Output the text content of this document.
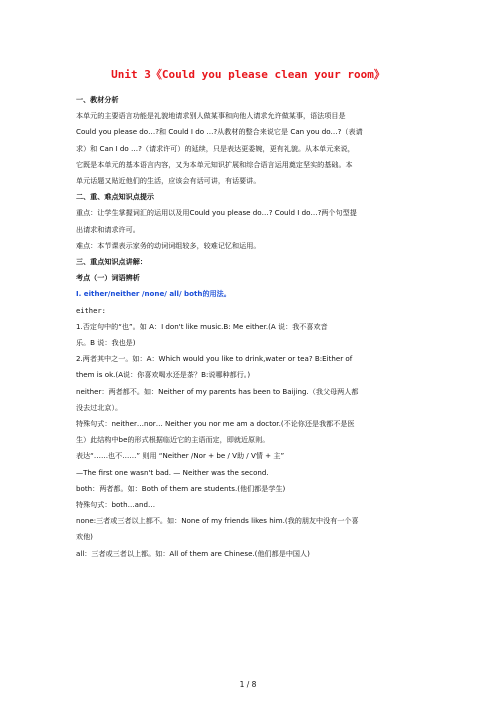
Unit 3《Could you please clean your room》

一、教材分析

本单元的主要语言功能是礼貌地请求别人做某事和向他人请求允许做某事，语法项目是

Could you please do…?和 Could I do …?从教材的整合来说它是 Can you do…?（表请

求）和 Can I do …?（请求许可）的延续，只是表达更委婉，更有礼貌。从本单元来说，

它既是本单元的基本语言内容，又为本单元知识扩展和综合语言运用奠定坚实的基础。本

单元话题又贴近他们的生活，应该会有话可讲，有话要讲。

二、重、难点知识点提示

重点：让学生掌握词汇的运用以及用Could you please do…? Could I do…?两个句型提

出请求和请求许可。

难点：本节课表示家务的动词词组较多，较难记忆和运用。

三、重点知识点讲解：

考点（一）词语辨析

Ⅰ. either/neither /none/ all/ both的用法。

either:

1.否定句中的“也”。如 A：I don't like music.B: Me either.(A 说：我不喜欢音

乐。B 说：我也是)

2.两者其中之一。如：A：Which would you like to drink,water or tea? B:Either of

them is ok.(A说：你喜欢喝水还是茶？B:说哪种都行。)

neither：两者都不。如：Neither of my parents has been to Baijing.（我父母两人都

没去过北京）。

特殊句式：neither…nor… Neither you nor me am a doctor.(不论你还是我都不是医

生）此结构中be的形式根据临近它的主语而定，即就近原则。

表达“……也不……” 则用 “Neither /Nor + be / V助 / V情 + 主”

—The first one wasn't bad. — Neither was the second.

both：两者都。如：Both of them are students.(他们都是学生)

特殊句式：both…and…

none:三者或三者以上都不。如：None of my friends likes him.(我的朋友中没有一个喜

欢他)

all：三者或三者以上都。如：All of them are Chinese.(他们都是中国人)

1 / 8
